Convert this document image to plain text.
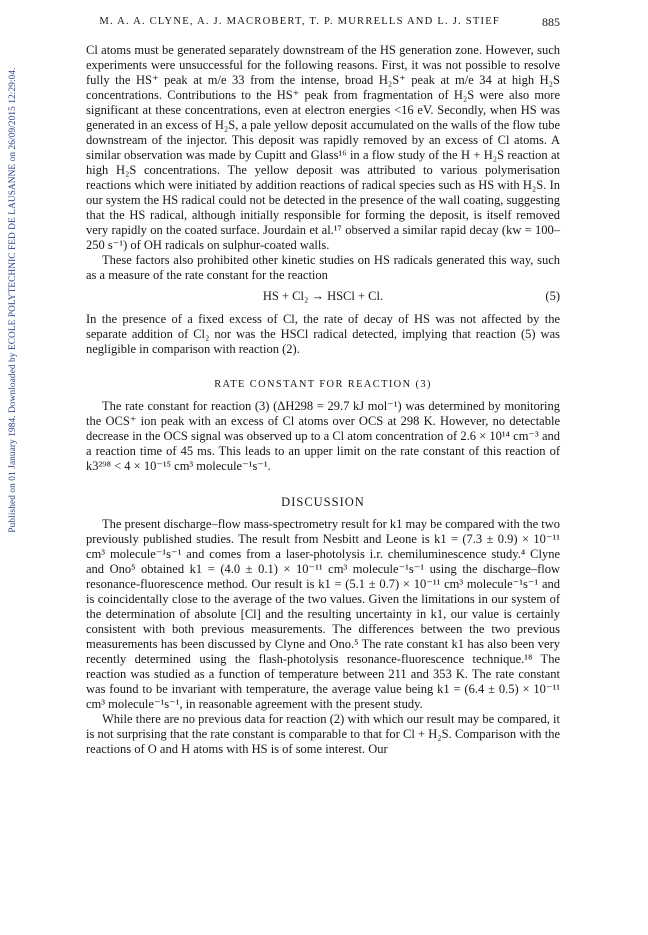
Published on 01 January 1984. Downloaded by ECOLE POLYTECHNIC FED DE LAUSANNE on 26/09/2015 12:29:04.
M. A. A. CLYNE, A. J. MACROBERT, T. P. MURRELLS AND L. J. STIEF	885

Cl atoms must be generated separately downstream of the HS generation zone. However, such experiments were unsuccessful for the following reasons. First, it was not possible to resolve fully the HS⁺ peak at m/e 33 from the intense, broad H₂S⁺ peak at m/e 34 at high H₂S concentrations. Contributions to the HS⁺ peak from fragmentation of H₂S were also more significant at these concentrations, even at electron energies <16 eV. Secondly, when HS was generated in an excess of H₂S, a pale yellow deposit accumulated on the walls of the flow tube downstream of the injector. This deposit was rapidly removed by an excess of Cl atoms. A similar observation was made by Cupitt and Glass¹⁶ in a flow study of the H + H₂S reaction at high H₂S concentrations. The yellow deposit was attributed to various polymerisation reactions which were initiated by addition reactions of radical species such as HS with H₂S. In our system the HS radical could not be detected in the presence of the wall coating, suggesting that the HS radical, although initially responsible for forming the deposit, is itself removed very rapidly on the coated surface. Jourdain et al.¹⁷ observed a similar rapid decay (kw = 100–250 s⁻¹) of OH radicals on sulphur-coated walls.

These factors also prohibited other kinetic studies on HS radicals generated this way, such as a measure of the rate constant for the reaction

HS + Cl₂ → HSCl + Cl.	(5)

In the presence of a fixed excess of Cl, the rate of decay of HS was not affected by the separate addition of Cl₂ nor was the HSCl radical detected, implying that reaction (5) was negligible in comparison with reaction (2).

RATE CONSTANT FOR REACTION (3)

The rate constant for reaction (3) (ΔH298 = 29.7 kJ mol⁻¹) was determined by monitoring the OCS⁺ ion peak with an excess of Cl atoms over OCS at 298 K. However, no detectable decrease in the OCS signal was observed up to a Cl atom concentration of 2.6 × 10¹⁴ cm⁻³ and a reaction time of 45 ms. This leads to an upper limit on the rate constant of this reaction of k3²⁹⁸ < 4 × 10⁻¹⁵ cm³ molecule⁻¹s⁻¹.

DISCUSSION

The present discharge–flow mass-spectrometry result for k1 may be compared with the two previously published studies. The result from Nesbitt and Leone is k1 = (7.3 ± 0.9) × 10⁻¹¹ cm³ molecule⁻¹s⁻¹ and comes from a laser-photolysis i.r. chemiluminescence study.⁴ Clyne and Ono⁵ obtained k1 = (4.0 ± 0.1) × 10⁻¹¹ cm³ molecule⁻¹s⁻¹ using the discharge–flow resonance-fluorescence method. Our result is k1 = (5.1 ± 0.7) × 10⁻¹¹ cm³ molecule⁻¹s⁻¹ and is coincidentally close to the average of the two values. Given the limitations in our system of the determination of absolute [Cl] and the resulting uncertainty in k1, our value is certainly consistent with both previous measurements. The differences between the two previous measurements has been discussed by Clyne and Ono.⁵ The rate constant k1 has also been very recently determined using the flash-photolysis resonance-fluorescence technique.¹⁸ The reaction was studied as a function of temperature between 211 and 353 K. The rate constant was found to be invariant with temperature, the average value being k1 = (6.4 ± 0.5) × 10⁻¹¹ cm³ molecule⁻¹s⁻¹, in reasonable agreement with the present study.

While there are no previous data for reaction (2) with which our result may be compared, it is not surprising that the rate constant is comparable to that for Cl + H₂S. Comparison with the reactions of O and H atoms with HS is of some interest. Our
